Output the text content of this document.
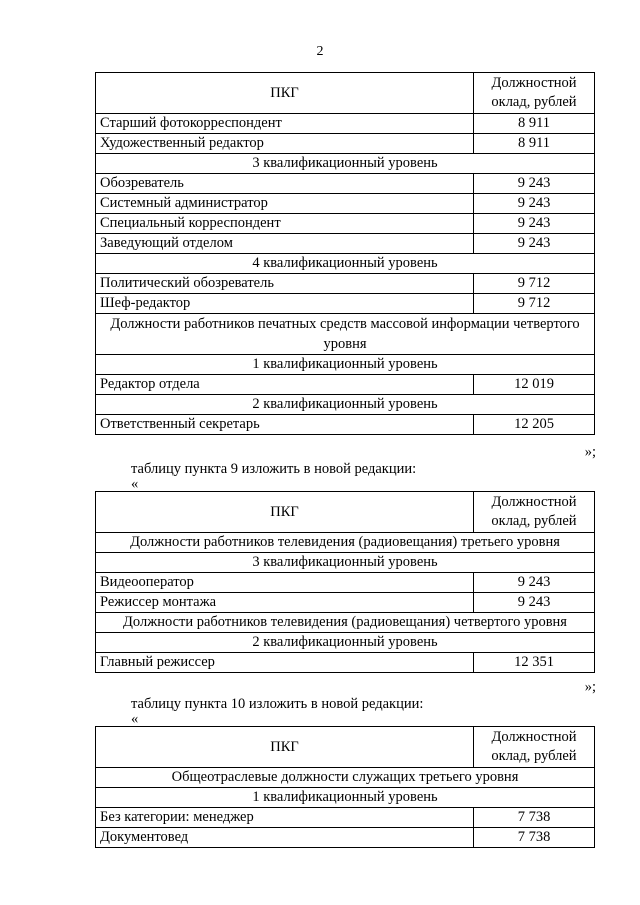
2
ПКГ	Должностной оклад, рублей
Старший фотокорреспондент	8 911
Художественный редактор	8 911
3 квалификационный уровень	
Обозреватель	9 243
Системный администратор	9 243
Специальный корреспондент	9 243
Заведующий отделом	9 243
4 квалификационный уровень	
Политический обозреватель	9 712
Шеф-редактор	9 712
Должности работников печатных средств массовой информации четвертого уровня	
1 квалификационный уровень	
Редактор отдела	12 019
2 квалификационный уровень	
Ответственный секретарь	12 205
»;
таблицу пункта 9 изложить в новой редакции:
«
ПКГ	Должностной оклад, рублей
Должности работников телевидения (радиовещания) третьего уровня	
3 квалификационный уровень	
Видеооператор	9 243
Режиссер монтажа	9 243
Должности работников телевидения (радиовещания) четвертого уровня	
2 квалификационный уровень	
Главный режиссер	12 351
»;
таблицу пункта 10 изложить в новой редакции:
«
ПКГ	Должностной оклад, рублей
Общеотраслевые должности служащих третьего уровня	
1 квалификационный уровень	
Без категории: менеджер	7 738
Документовед	7 738
